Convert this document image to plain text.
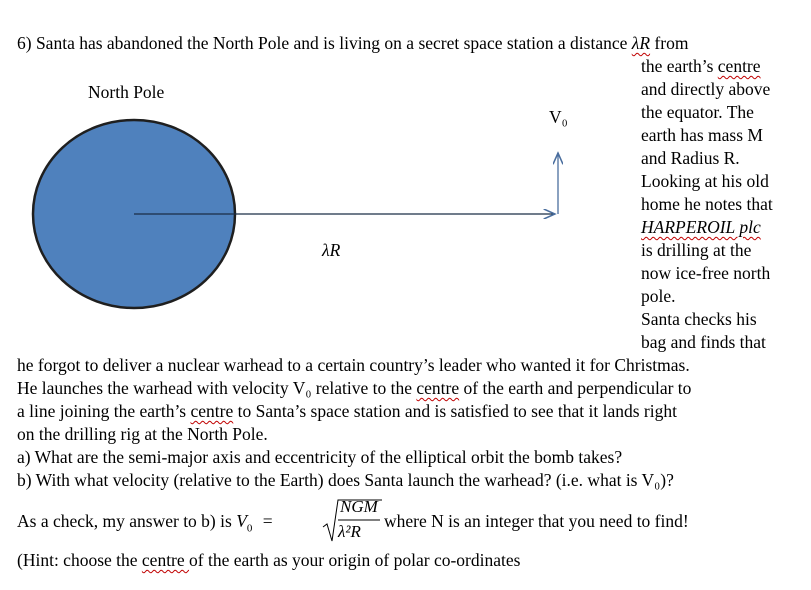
North Pole
λR
V₀
6) Santa has abandoned the North Pole and is living on a secret space station a distance λR from
the earth’s centre
and directly above
the equator. The
earth has mass M
and Radius R.
Looking at his old
home he notes that
HARPEROIL plc
is drilling at the
now ice-free north
pole.
Santa checks his
bag and finds that
he forgot to deliver a nuclear warhead to a certain country’s leader who wanted it for Christmas.
He launches the warhead with velocity V₀ relative to the centre of the earth and perpendicular to
a line joining the earth’s centre to Santa’s space station and is satisfied to see that it lands right
on the drilling rig at the North Pole.
a) What are the semi-major axis and eccentricity of the elliptical orbit the bomb takes?
b) With what velocity (relative to the Earth) does Santa launch the warhead? (i.e. what is V₀)?
As a check, my answer to b) is $V_0$ =
NGM
λ²R
where N is an integer that you need to find!
(Hint: choose the centre of the earth as your origin of polar co-ordinates
